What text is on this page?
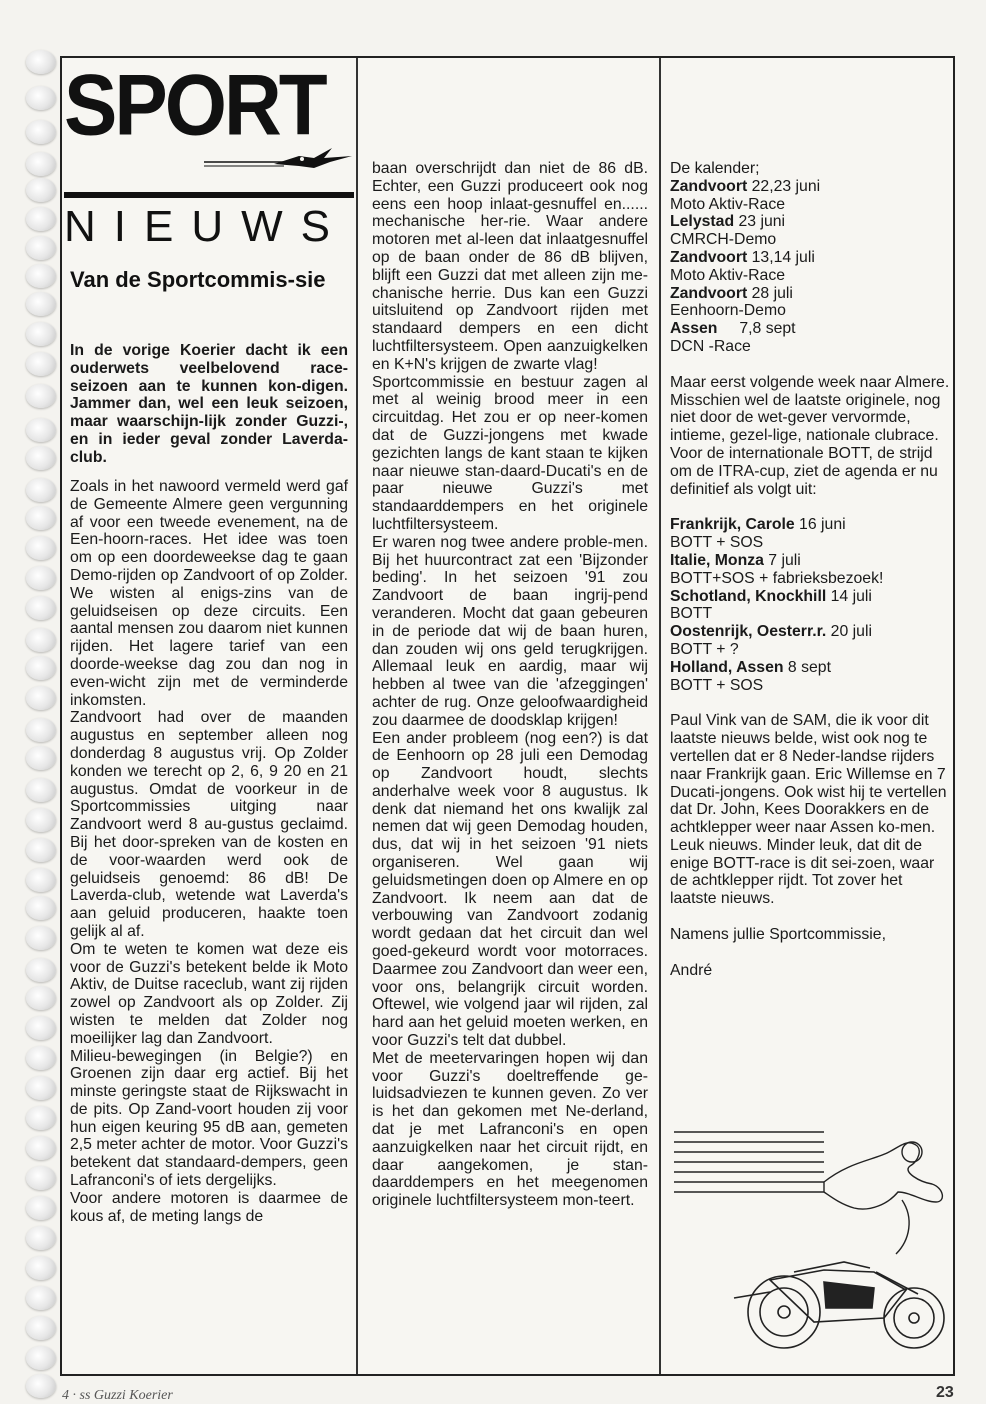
SPORT
NIEUWS
Van de Sportcommis-sie
In de vorige Koerier dacht ik een ouderwets veelbelovend race-seizoen aan te kunnen kon-digen. Jammer dan, wel een leuk seizoen, maar waarschijn-lijk zonder Guzzi-, en in ieder geval zonder Laverda-club.

Zoals in het nawoord vermeld werd gaf de Gemeente Almere geen vergunning af voor een tweede evenement, na de Een-hoorn-races. Het idee was toen om op een doordeweekse dag te gaan Demo-rijden op Zandvoort of op Zolder. We wisten al enigs-zins van de geluidseisen op deze circuits. Een aantal mensen zou daarom niet kunnen rijden. Het lagere tarief van een doorde-weekse dag zou dan nog in even-wicht zijn met de verminderde inkomsten.

Zandvoort had over de maanden augustus en september alleen nog donderdag 8 augustus vrij. Op Zolder konden we terecht op 2, 6, 9 20 en 21 augustus. Omdat de voorkeur in de Sportcommissies uitging naar Zandvoort werd 8 au-gustus geclaimd. Bij het door-spreken van de kosten en de voor-waarden werd ook de geluidseis genoemd: 86 dB! De Laverda-club, wetende wat Laverda's aan geluid produceren, haakte toen gelijk al af.

Om te weten te komen wat deze eis voor de Guzzi's betekent belde ik Moto Aktiv, de Duitse raceclub, want zij rijden zowel op Zandvoort als op Zolder. Zij wisten te melden dat Zolder nog moeilijker lag dan Zandvoort.

Milieu-bewegingen (in Belgie?) en Groenen zijn daar erg actief. Bij het minste geringste staat de Rijkswacht in de pits. Op Zand-voort houden zij voor hun eigen keuring 95 dB aan, gemeten 2,5 meter achter de motor. Voor Guzzi's betekent dat standaard-dempers, geen Lafranconi's of iets dergelijks.

Voor andere motoren is daarmee de kous af, de meting langs de

baan overschrijdt dan niet de 86 dB. Echter, een Guzzi produceert ook nog eens een hoop inlaat-gesnuffel en...... mechanische her-rie. Waar andere motoren met al-leen dat inlaatgesnuffel op de baan onder de 86 dB blijven, blijft een Guzzi dat met alleen zijn me-chanische herrie. Dus kan een Guzzi uitsluitend op Zandvoort rijden met standaard dempers en een dicht luchtfiltersysteem. Open aanzuigkelken en K+N's krijgen de zwarte vlag!

Sportcommissie en bestuur zagen al met al weinig brood meer in een circuitdag. Het zou er op neer-komen dat de Guzzi-jongens met kwade gezichten langs de kant staan te kijken naar nieuwe stan-daard-Ducati's en de paar nieuwe Guzzi's met standaarddempers en het originele luchtfiltersysteem.

Er waren nog twee andere proble-men. Bij het huurcontract zat een 'Bijzonder beding'. In het seizoen '91 zou Zandvoort de baan ingrij-pend veranderen. Mocht dat gaan gebeuren in de periode dat wij de baan huren, dan zouden wij ons geld terugkrijgen. Allemaal leuk en aardig, maar wij hebben al twee van die 'afzeggingen' achter de rug. Onze geloofwaardigheid zou daarmee de doodsklap krijgen!

Een ander probleem (nog een?) is dat de Eenhoorn op 28 juli een Demodag op Zandvoort houdt, slechts anderhalve week voor 8 augustus. Ik denk dat niemand het ons kwalijk zal nemen dat wij geen Demodag houden, dus, dat wij in het seizoen '91 niets organiseren. Wel gaan wij geluidsmetingen doen op Almere en op Zandvoort. Ik neem aan dat de verbouwing van Zandvoort zodanig wordt gedaan dat het circuit dan wel goed-gekeurd wordt voor motorraces. Daarmee zou Zandvoort dan weer een, voor ons, belangrijk circuit worden. Oftewel, wie volgend jaar wil rijden, zal hard aan het geluid moeten werken, en voor Guzzi's telt dat dubbel.

Met de meetervaringen hopen wij dan voor Guzzi's doeltreffende ge-luidsadviezen te kunnen geven. Zo ver is het dan gekomen met Ne-derland, dat je met Lafranconi's en open aanzuigkelken naar het circuit rijdt, en daar aangekomen, je stan-daarddempers en het meegenomen originele luchtfiltersysteem mon-teert.

De kalender;

Zandvoort 22,23 juni
Moto Aktiv-Race
Lelystad 23 juni
CMRCH-Demo
Zandvoort 13,14 juli
Moto Aktiv-Race
Zandvoort 28 juli
Eenhoorn-Demo
Assen     7,8 sept
DCN -Race

Maar eerst volgende week naar Almere. Misschien wel de laatste originele, nog niet door de wet-gever vervormde, intieme, gezel-lige, nationale clubrace.

Voor de internationale BOTT, de strijd om de ITRA-cup, ziet de agenda er nu definitief als volgt uit:

Frankrijk, Carole 16 juni
BOTT + SOS
Italie, Monza 7 juli
BOTT+SOS + fabrieksbezoek!
Schotland, Knockhill 14 juli
BOTT
Oostenrijk, Oesterr.r. 20 juli
BOTT + ?
Holland, Assen 8 sept
BOTT + SOS

Paul Vink van de SAM, die ik voor dit laatste nieuws belde, wist ook nog te vertellen dat er 8 Neder-landse rijders naar Frankrijk gaan. Eric Willemse en 7 Ducati-jongens. Ook wist hij te vertellen dat Dr. John, Kees Doorakkers en de achtklepper weer naar Assen ko-men. Leuk nieuws. Minder leuk, dat dit de enige BOTT-race is dit sei-zoen, waar de achtklepper rijdt. Tot zover het laatste nieuws.

Namens jullie Sportcommissie,

André

4 · ss Guzzi Koerier	23
